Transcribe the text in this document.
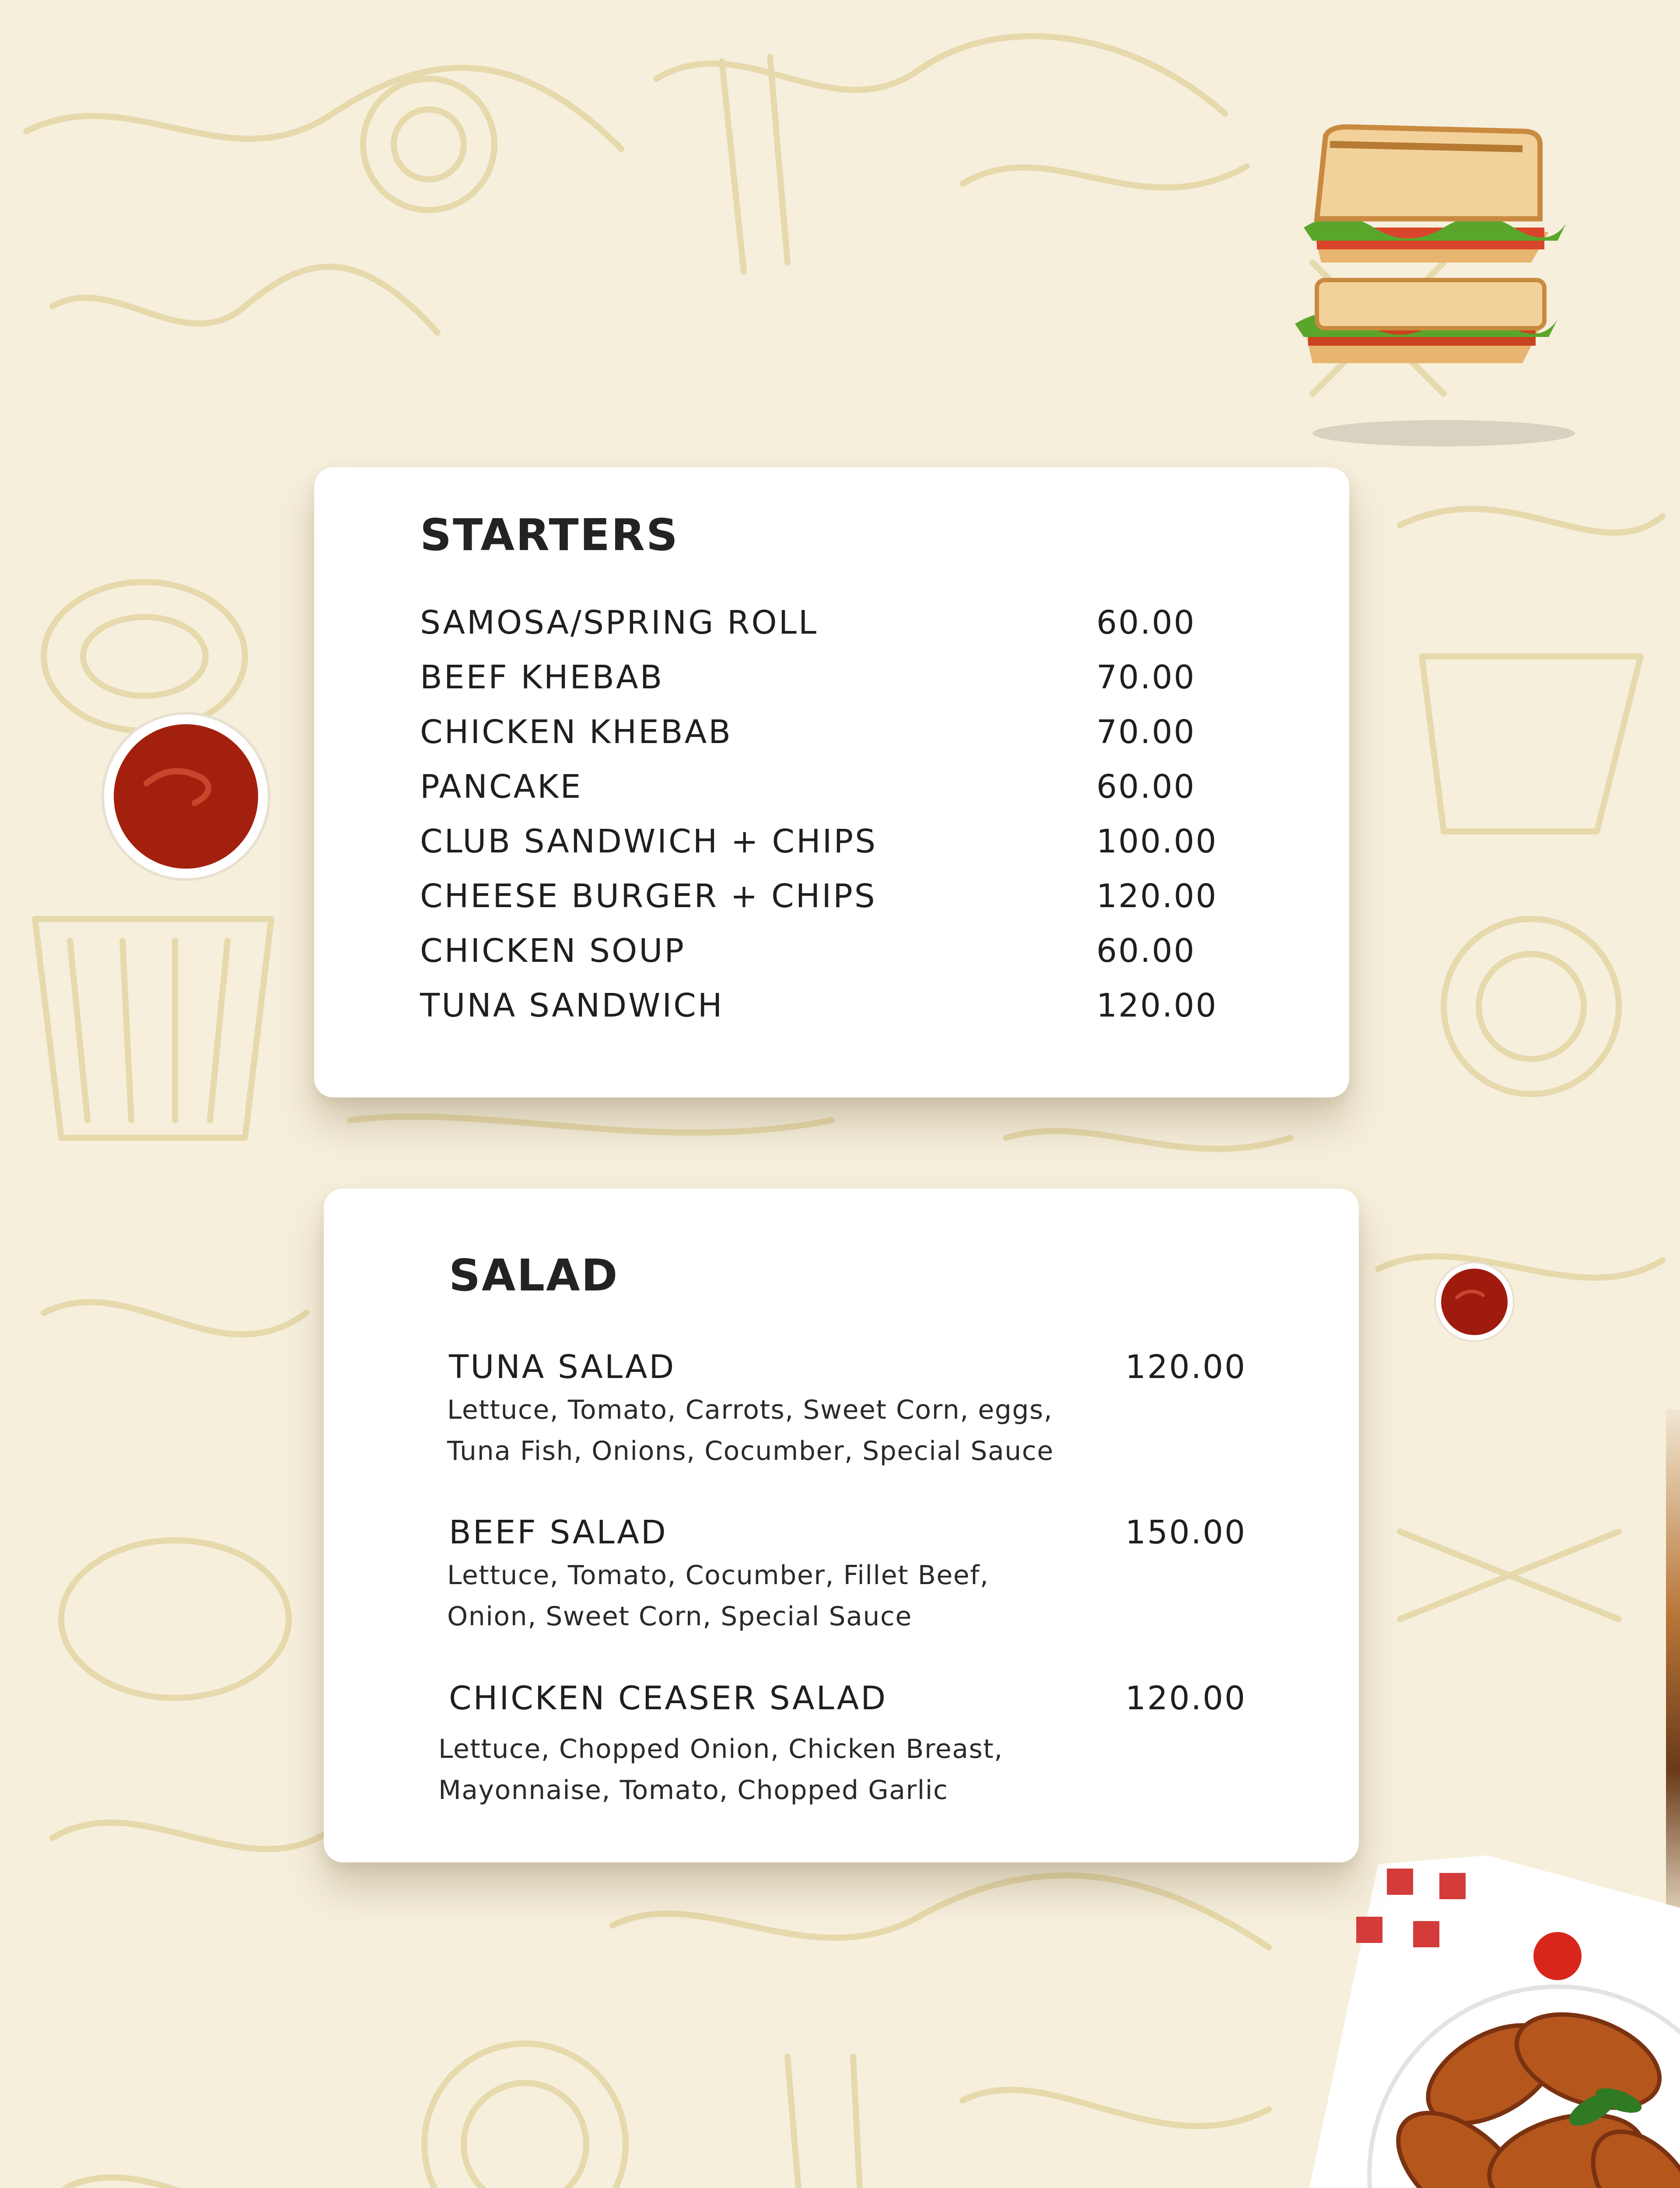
STARTERS
SAMOSA/SPRING ROLL	60.00
BEEF KHEBAB	70.00
CHICKEN KHEBAB	70.00
PANCAKE	60.00
CLUB SANDWICH + CHIPS	100.00
CHEESE BURGER + CHIPS	120.00
CHICKEN SOUP	60.00
TUNA SANDWICH	120.00
SALAD
TUNA SALAD	120.00

Lettuce, Tomato, Carrots, Sweet Corn, eggs, Tuna Fish, Onions, Cocumber, Special Sauce

BEEF SALAD	150.00

Lettuce, Tomato, Cocumber, Fillet Beef, Onion, Sweet Corn, Special Sauce

CHICKEN CEASER SALAD	120.00

Lettuce, Chopped Onion, Chicken Breast, Mayonnaise, Tomato, Chopped Garlic
